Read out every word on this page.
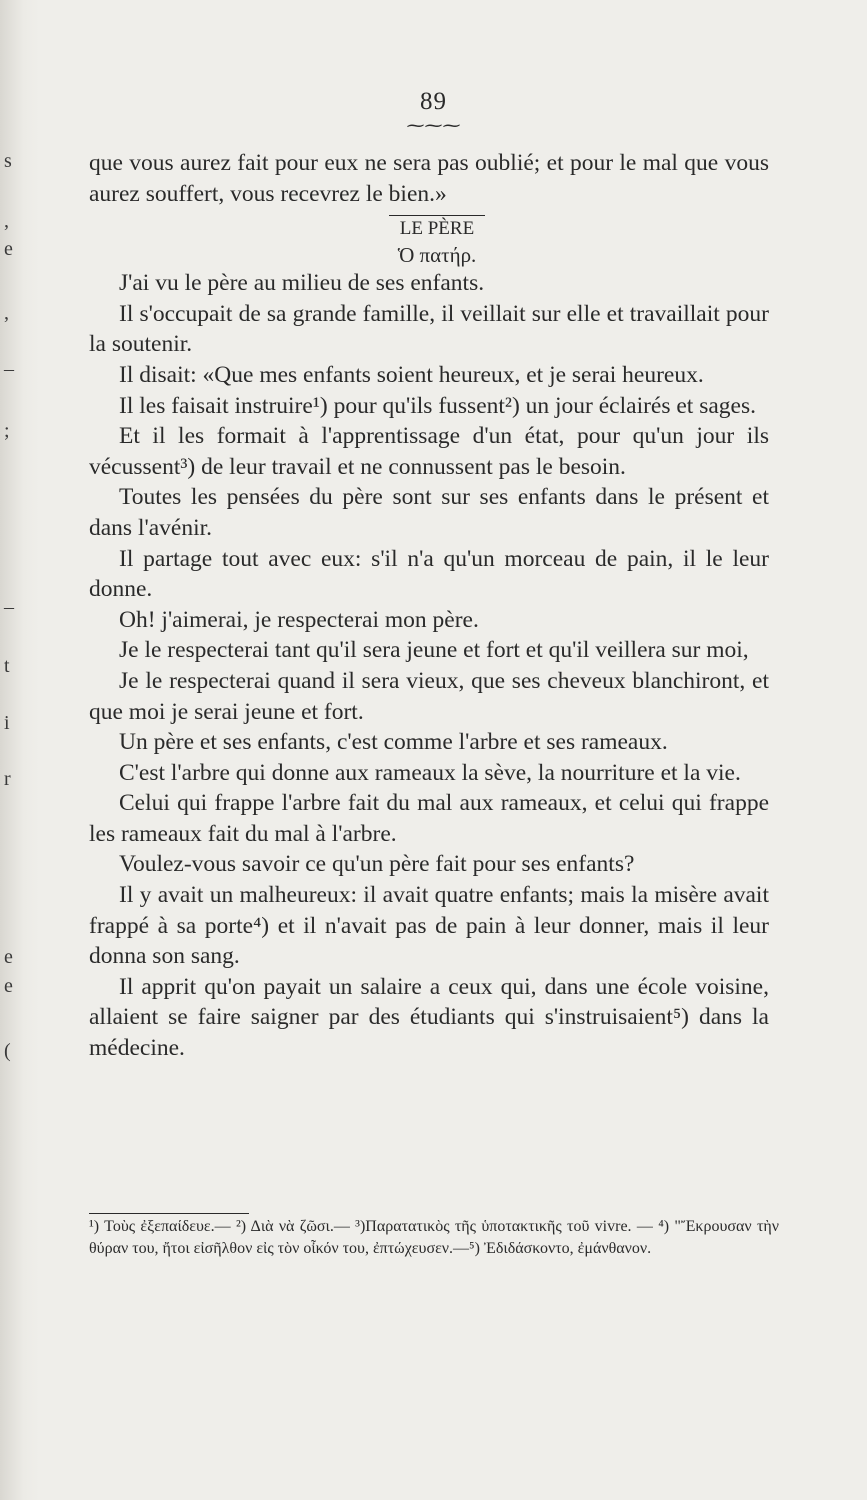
s
,
e
,
–
;
–
t
i
r
e
e
(
89
⁓⁓⁓

que vous aurez fait pour eux ne sera pas oublié; et pour le mal que vous aurez souffert, vous recevrez le bien.»

LE PÈRE
Ὁ πατήρ.

J'ai vu le père au milieu de ses enfants.

Il s'occupait de sa grande famille, il veillait sur elle et travaillait pour la soutenir.

Il disait: «Que mes enfants soient heureux, et je serai heureux.

Il les faisait instruire¹) pour qu'ils fussent²) un jour éclairés et sages.

Et il les formait à l'apprentissage d'un état, pour qu'un jour ils vécussent³) de leur travail et ne connussent pas le besoin.

Toutes les pensées du père sont sur ses enfants dans le présent et dans l'avénir.

Il partage tout avec eux: s'il n'a qu'un morceau de pain, il le leur donne.

Oh! j'aimerai, je respecterai mon père.

Je le respecterai tant qu'il sera jeune et fort et qu'il veillera sur moi,

Je le respecterai quand il sera vieux, que ses cheveux blanchiront, et que moi je serai jeune et fort.

Un père et ses enfants, c'est comme l'arbre et ses rameaux.

C'est l'arbre qui donne aux rameaux la sève, la nourriture et la vie.

Celui qui frappe l'arbre fait du mal aux rameaux, et celui qui frappe les rameaux fait du mal à l'arbre.

Voulez-vous savoir ce qu'un père fait pour ses enfants?

Il y avait un malheureux: il avait quatre enfants; mais la misère avait frappé à sa porte⁴) et il n'avait pas de pain à leur donner, mais il leur donna son sang.

Il apprit qu'on payait un salaire a ceux qui, dans une école voisine, allaient se faire saigner par des étudiants qui s'instruisaient⁵) dans la médecine.

¹) Τοὺς ἐξεπαίδευε.— ²) Διὰ νὰ ζῶσι.— ³)Παρατατικὸς τῆς ὑποτακτικῆς τοῦ vivre. — ⁴) "Ἔκρουσαν τὴν θύραν του, ἤτοι εἰσῆλθον εἰς τὸν οἶκόν του, ἐπτώχευσεν.—⁵) Ἐδιδάσκοντο, ἐμάνθανον.
